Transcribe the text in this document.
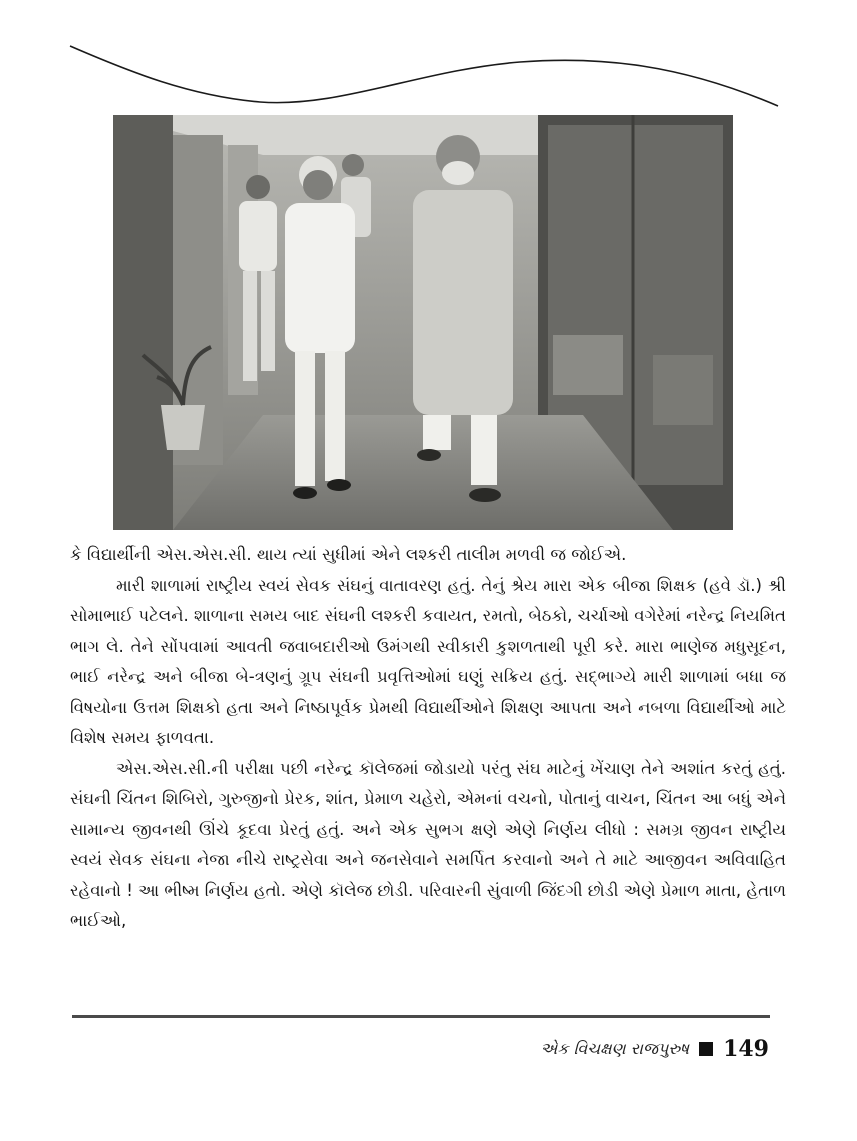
કે વિદ્યાર્થીની એસ.એસ.સી. થાય ત્યાં સુધીમાં એને લશ્કરી તાલીમ મળવી જ જોઈએ.

મારી શાળામાં રાષ્ટ્રીય સ્વયં સેવક સંઘનું વાતાવરણ હતું. તેનું શ્રેય મારા એક બીજા શિક્ષક (હવે ડૉ.) શ્રી સોમાભાઈ પટેલને. શાળાના સમય બાદ સંઘની લશ્કરી કવાયત, રમતો, બેઠકો, ચર્ચાઓ વગેરેમાં નરેન્દ્ર નિયમિત ભાગ લે. તેને સોંપવામાં આવતી જવાબદારીઓ ઉમંગથી સ્વીકારી કુશળતાથી પૂરી કરે. મારા ભાણેજ મધુસૂદન, ભાઈ નરેન્દ્ર અને બીજા બે-ત્રણનું ગ્રૂપ સંઘની પ્રવૃત્તિઓમાં ઘણું સક્રિય હતું. સદ્ભાગ્યે મારી શાળામાં બધા જ વિષયોના ઉત્તમ શિક્ષકો હતા અને નિષ્ઠાપૂર્વક પ્રેમથી વિદ્યાર્થીઓને શિક્ષણ આપતા અને નબળા વિદ્યાર્થીઓ માટે વિશેષ સમય ફાળવતા.

એસ.એસ.સી.ની પરીક્ષા પછી નરેન્દ્ર કૉલેજમાં જોડાયો પરંતુ સંઘ માટેનું ખેંચાણ તેને અશાંત કરતું હતું. સંઘની ચિંતન શિબિરો, ગુરુજીનો પ્રેરક, શાંત, પ્રેમાળ ચહેરો, એમનાં વચનો, પોતાનું વાચન, ચિંતન આ બધું એને સામાન્ય જીવનથી ઊંચે કૂદવા પ્રેરતું હતું. અને એક સુભગ ક્ષણે એણે નિર્ણય લીધો : સમગ્ર જીવન રાષ્ટ્રીય સ્વયં સેવક સંઘના નેજા નીચે રાષ્ટ્રસેવા અને જનસેવાને સમર્પિત કરવાનો અને તે માટે આજીવન અવિવાહિત રહેવાનો ! આ ભીષ્મ નિર્ણય હતો. એણે કૉલેજ છોડી. પરિવારની સુંવાળી જિંદગી છોડી એણે પ્રેમાળ માતા, હેતાળ ભાઈઓ,

એક વિચક્ષણ રાજપુરુષ 149
